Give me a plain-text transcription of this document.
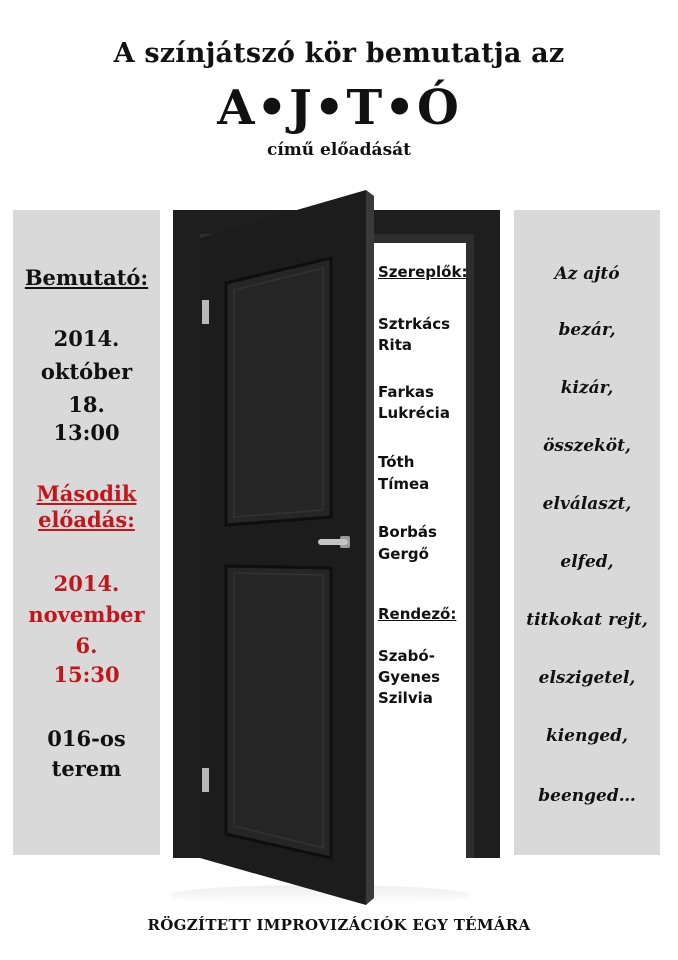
A színjátszó kör bemutatja az
A•J•T•Ó
című előadását
Bemutató:
2014.
október
18.
13:00
Második
előadás:
2014.
november
6.
15:30
016-os
terem
Szereplők:
Sztrkács
Rita
Farkas
Lukrécia
Tóth
Tímea
Borbás
Gergő
Rendező:
Szabó-
Gyenes
Szilvia
Az ajtó
bezár,
kizár,
összeköt,
elválaszt,
elfed,
titkokat rejt,
elszigetel,
kienged,
beenged…
RÖGZÍTETT IMPROVIZÁCIÓK EGY TÉMÁRA
